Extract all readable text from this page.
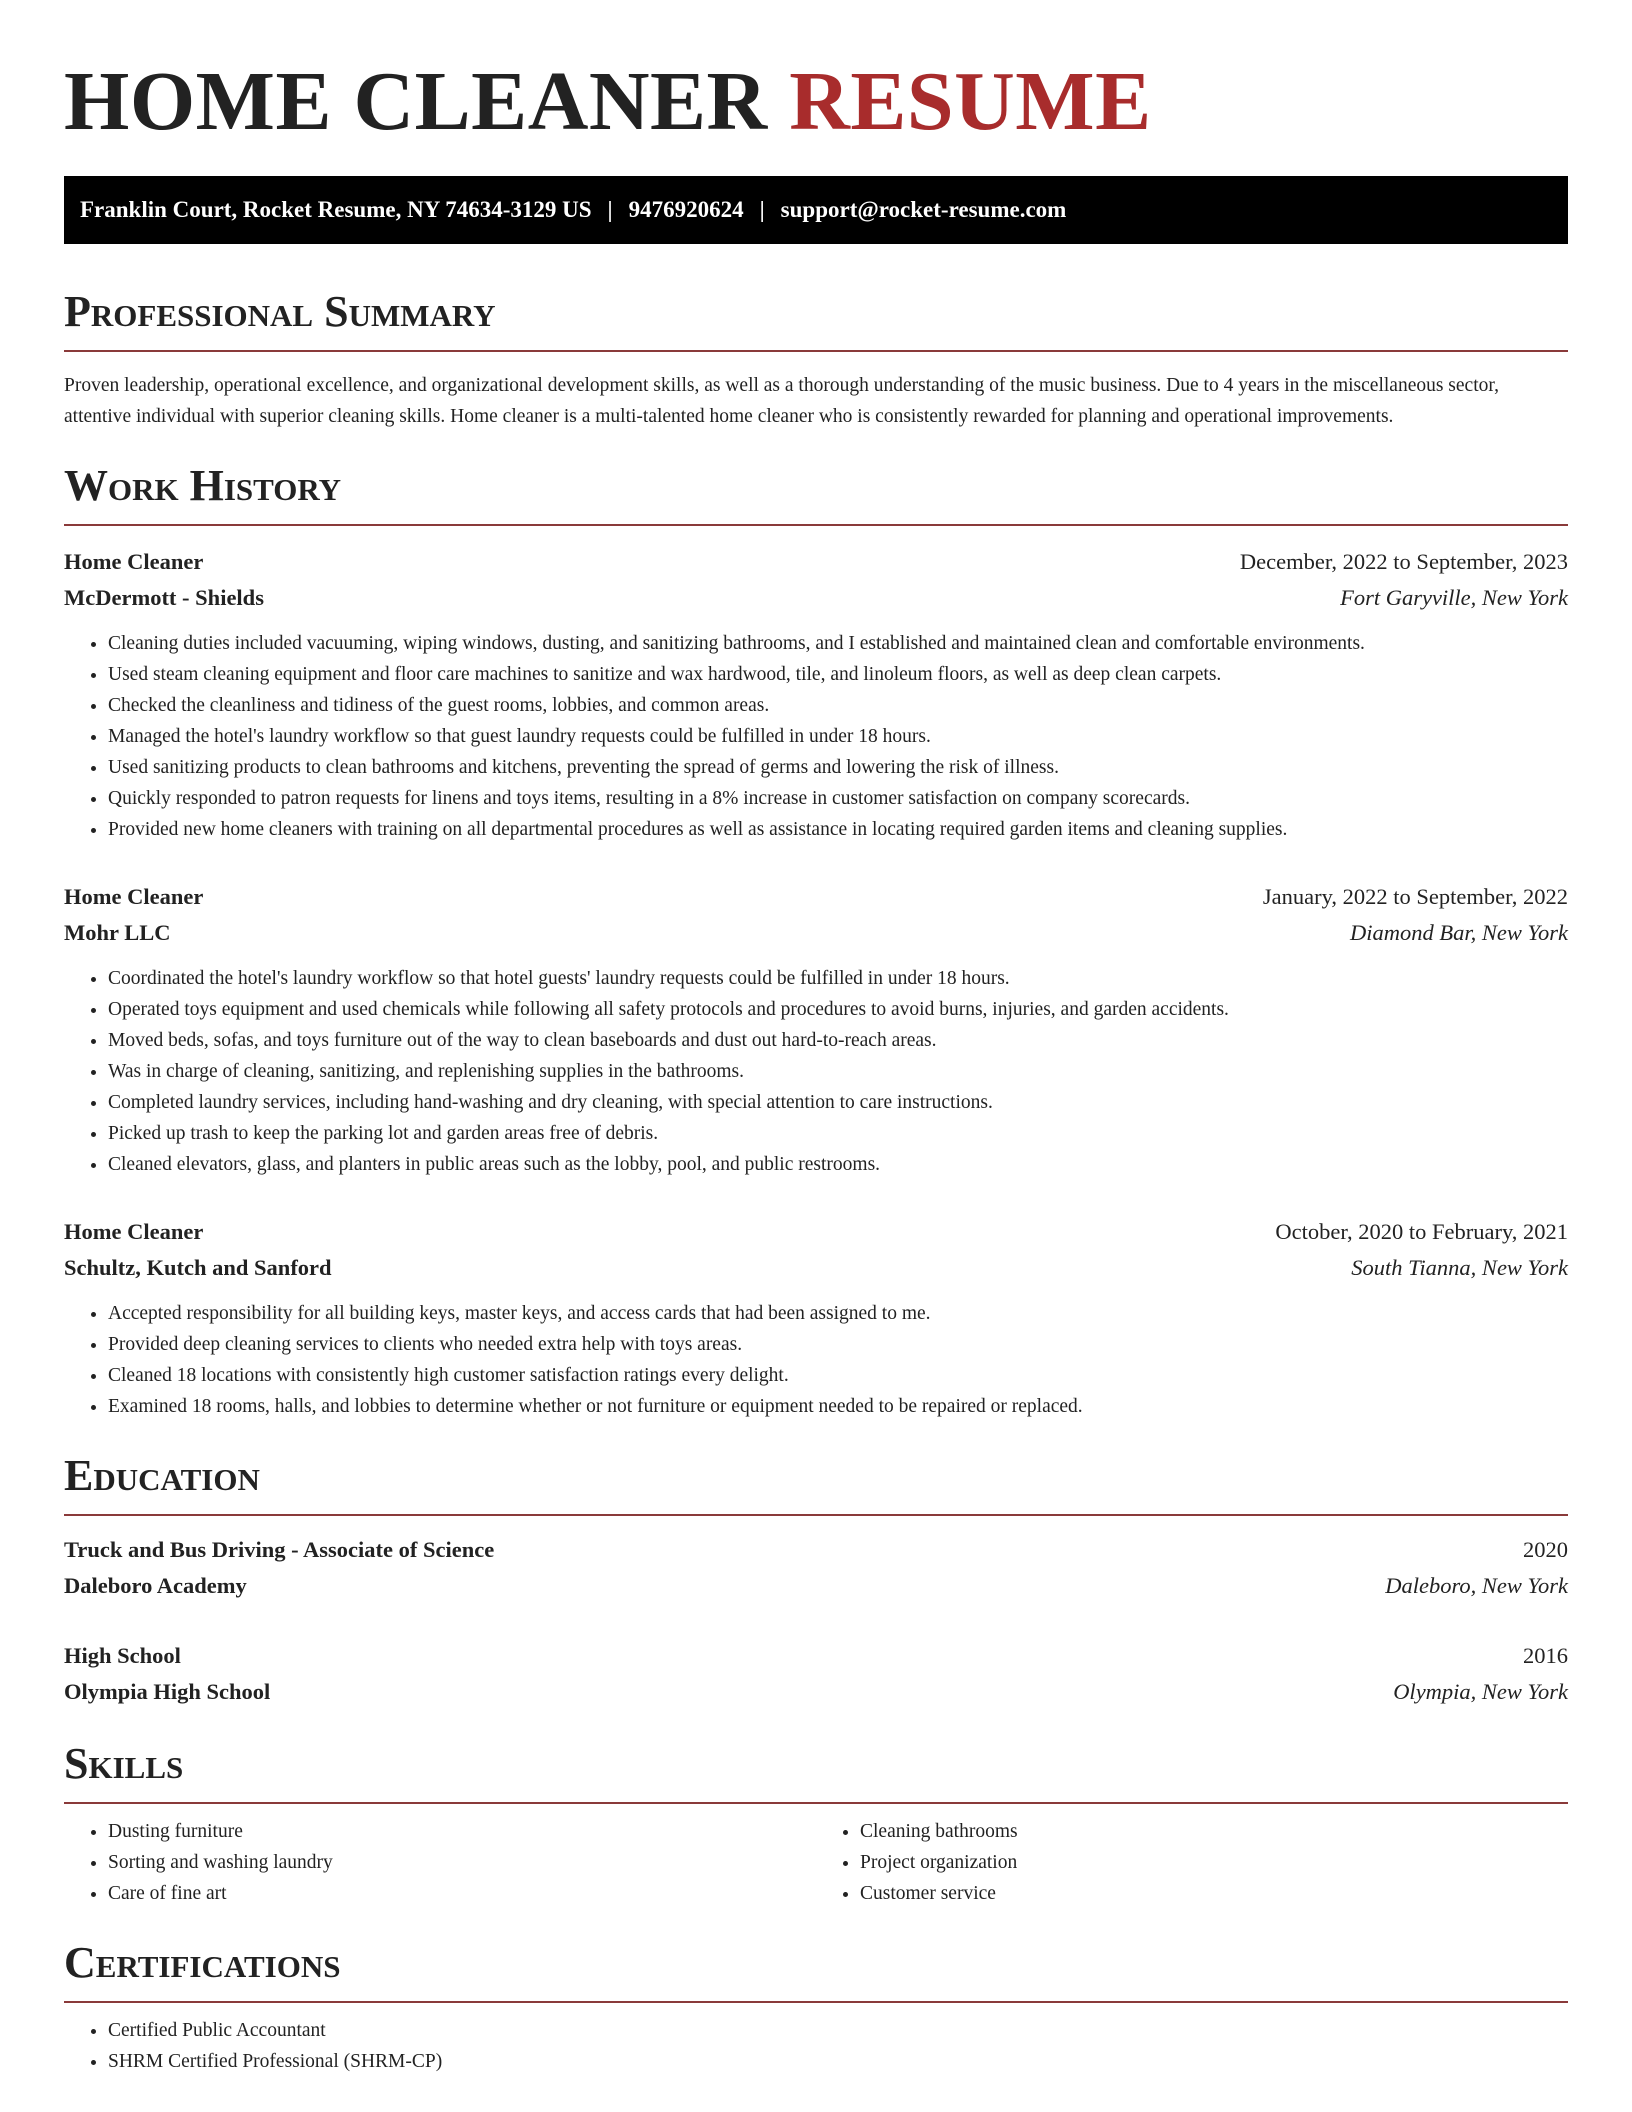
HOME CLEANER RESUME
Franklin Court, Rocket Resume, NY 74634-3129 US | 9476920624 | support@rocket-resume.com
Professional Summary

Proven leadership, operational excellence, and organizational development skills, as well as a thorough understanding of the music business. Due to 4 years in the miscellaneous sector, attentive individual with superior cleaning skills. Home cleaner is a multi-talented home cleaner who is consistently rewarded for planning and operational improvements.

Work History
Home Cleaner	December, 2022 to September, 2023
McDermott - Shields	Fort Garyville, New York
• Cleaning duties included vacuuming, wiping windows, dusting, and sanitizing bathrooms, and I established and maintained clean and comfortable environments.
• Used steam cleaning equipment and floor care machines to sanitize and wax hardwood, tile, and linoleum floors, as well as deep clean carpets.
• Checked the cleanliness and tidiness of the guest rooms, lobbies, and common areas.
• Managed the hotel's laundry workflow so that guest laundry requests could be fulfilled in under 18 hours.
• Used sanitizing products to clean bathrooms and kitchens, preventing the spread of germs and lowering the risk of illness.
• Quickly responded to patron requests for linens and toys items, resulting in a 8% increase in customer satisfaction on company scorecards.
• Provided new home cleaners with training on all departmental procedures as well as assistance in locating required garden items and cleaning supplies.
Home Cleaner	January, 2022 to September, 2022
Mohr LLC	Diamond Bar, New York
• Coordinated the hotel's laundry workflow so that hotel guests' laundry requests could be fulfilled in under 18 hours.
• Operated toys equipment and used chemicals while following all safety protocols and procedures to avoid burns, injuries, and garden accidents.
• Moved beds, sofas, and toys furniture out of the way to clean baseboards and dust out hard-to-reach areas.
• Was in charge of cleaning, sanitizing, and replenishing supplies in the bathrooms.
• Completed laundry services, including hand-washing and dry cleaning, with special attention to care instructions.
• Picked up trash to keep the parking lot and garden areas free of debris.
• Cleaned elevators, glass, and planters in public areas such as the lobby, pool, and public restrooms.
Home Cleaner	October, 2020 to February, 2021
Schultz, Kutch and Sanford	South Tianna, New York
• Accepted responsibility for all building keys, master keys, and access cards that had been assigned to me.
• Provided deep cleaning services to clients who needed extra help with toys areas.
• Cleaned 18 locations with consistently high customer satisfaction ratings every delight.
• Examined 18 rooms, halls, and lobbies to determine whether or not furniture or equipment needed to be repaired or replaced.
Education
Truck and Bus Driving - Associate of Science	2020
Daleboro Academy	Daleboro, New York
High School	2016
Olympia High School	Olympia, New York
Skills
• Dusting furniture
• Sorting and washing laundry
• Care of fine art
• Cleaning bathrooms
• Project organization
• Customer service
Certifications
• Certified Public Accountant
• SHRM Certified Professional (SHRM-CP)
